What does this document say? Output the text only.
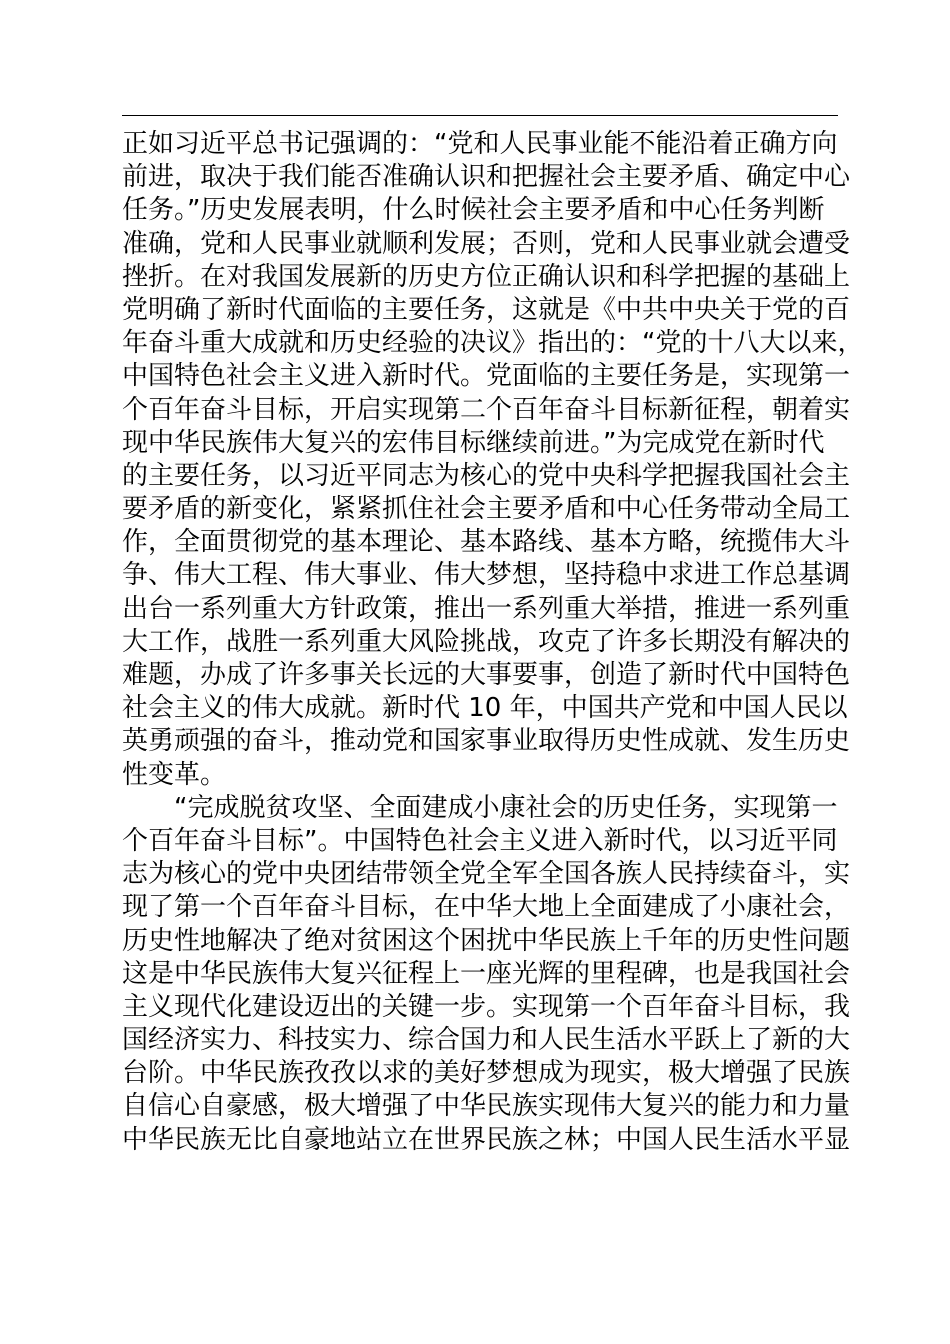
正如习近平总书记强调的：“党和人民事业能不能沿着正确方向
前进，取决于我们能否准确认识和把握社会主要矛盾、确定中心
任务。”历史发展表明，什么时候社会主要矛盾和中心任务判断
准确，党和人民事业就顺利发展；否则，党和人民事业就会遭受
挫折。在对我国发展新的历史方位正确认识和科学把握的基础上
党明确了新时代面临的主要任务，这就是《中共中央关于党的百
年奋斗重大成就和历史经验的决议》指出的：“党的十八大以来，
中国特色社会主义进入新时代。党面临的主要任务是，实现第一
个百年奋斗目标，开启实现第二个百年奋斗目标新征程，朝着实
现中华民族伟大复兴的宏伟目标继续前进。”为完成党在新时代
的主要任务，以习近平同志为核心的党中央科学把握我国社会主
要矛盾的新变化，紧紧抓住社会主要矛盾和中心任务带动全局工
作，全面贯彻党的基本理论、基本路线、基本方略，统揽伟大斗
争、伟大工程、伟大事业、伟大梦想，坚持稳中求进工作总基调
出台一系列重大方针政策，推出一系列重大举措，推进一系列重
大工作，战胜一系列重大风险挑战，攻克了许多长期没有解决的
难题，办成了许多事关长远的大事要事，创造了新时代中国特色
社会主义的伟大成就。新时代 10 年，中国共产党和中国人民以
英勇顽强的奋斗，推动党和国家事业取得历史性成就、发生历史
性变革。
“完成脱贫攻坚、全面建成小康社会的历史任务，实现第一
个百年奋斗目标”。中国特色社会主义进入新时代，以习近平同
志为核心的党中央团结带领全党全军全国各族人民持续奋斗，实
现了第一个百年奋斗目标，在中华大地上全面建成了小康社会，
历史性地解决了绝对贫困这个困扰中华民族上千年的历史性问题
这是中华民族伟大复兴征程上一座光辉的里程碑，也是我国社会
主义现代化建设迈出的关键一步。实现第一个百年奋斗目标，我
国经济实力、科技实力、综合国力和人民生活水平跃上了新的大
台阶。中华民族孜孜以求的美好梦想成为现实，极大增强了民族
自信心自豪感，极大增强了中华民族实现伟大复兴的能力和力量
中华民族无比自豪地站立在世界民族之林；中国人民生活水平显
